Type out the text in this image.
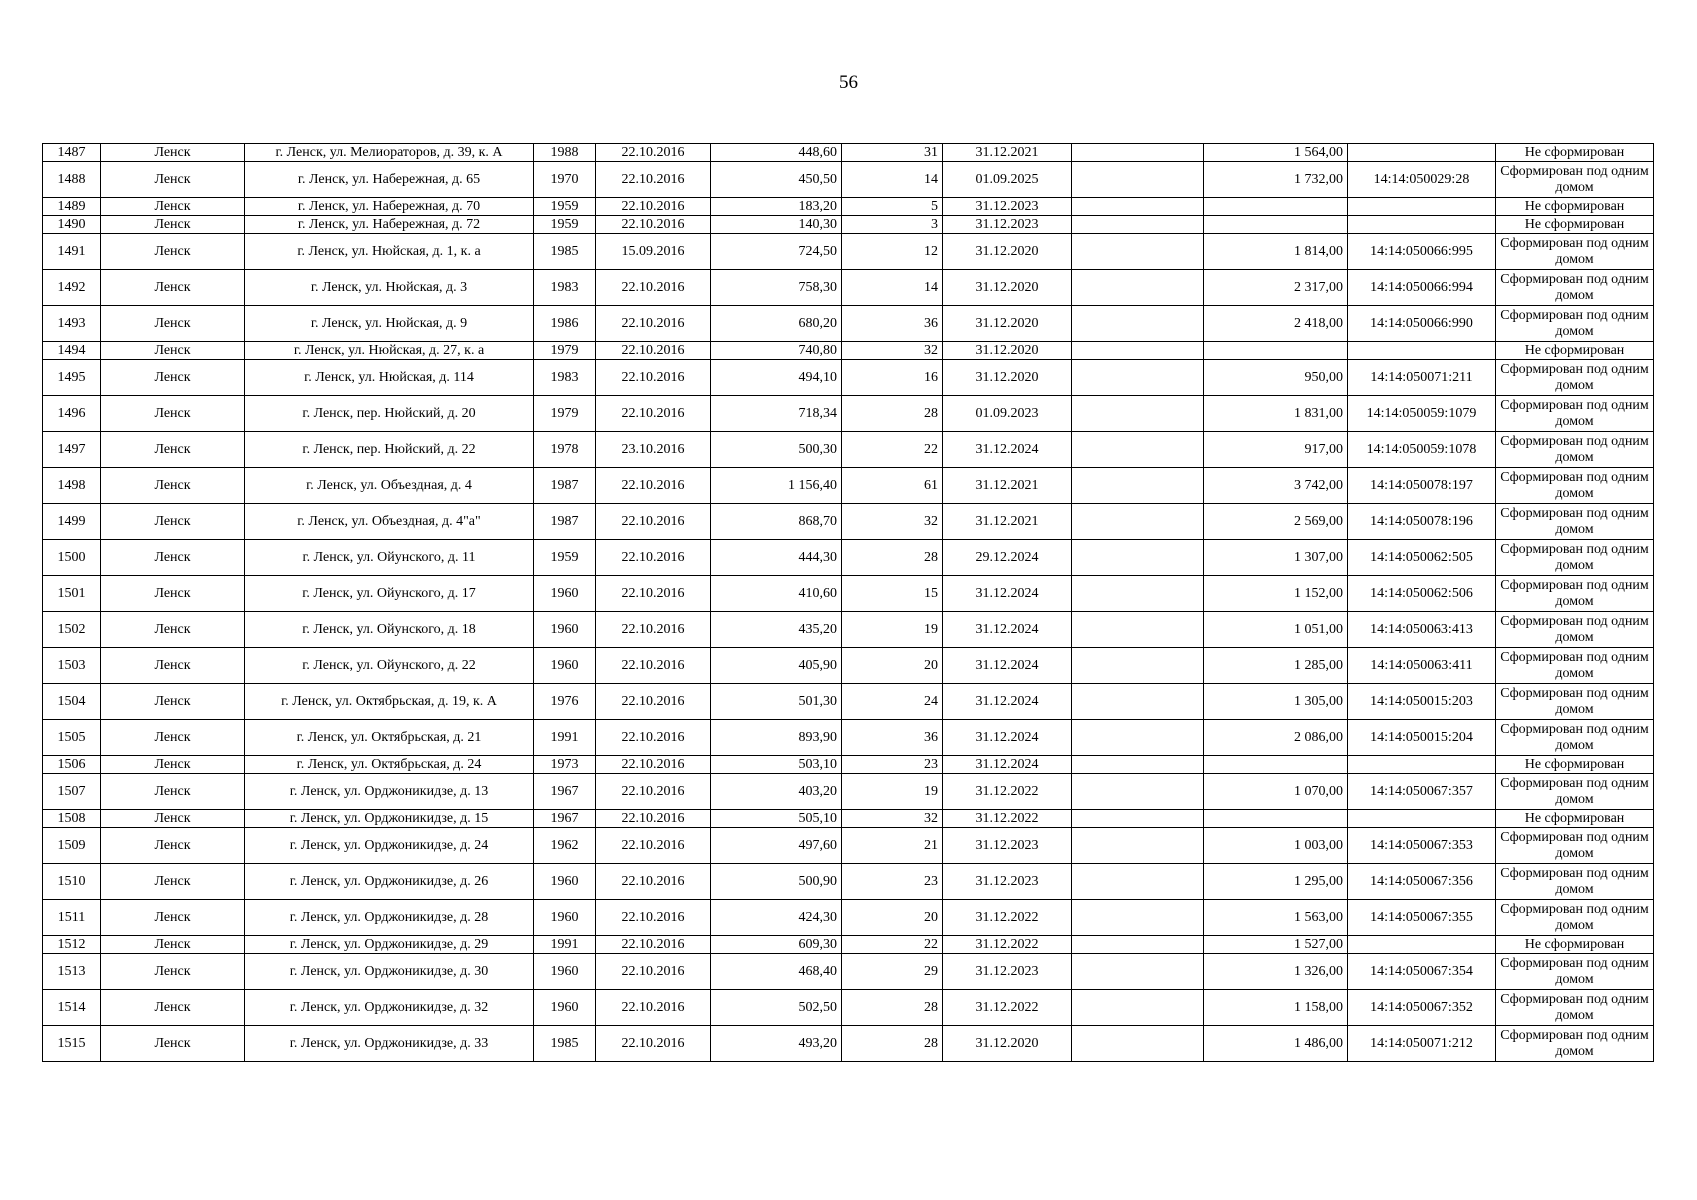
56
1487	Ленск	г. Ленск, ул. Мелиораторов, д. 39, к. А	1988	22.10.2016	448,60	31	31.12.2021		1 564,00		Не сформирован
1488	Ленск	г. Ленск, ул. Набережная, д. 65	1970	22.10.2016	450,50	14	01.09.2025		1 732,00	14:14:050029:28	Сформирован под одним домом
1489	Ленск	г. Ленск, ул. Набережная, д. 70	1959	22.10.2016	183,20	5	31.12.2023				Не сформирован
1490	Ленск	г. Ленск, ул. Набережная, д. 72	1959	22.10.2016	140,30	3	31.12.2023				Не сформирован
1491	Ленск	г. Ленск, ул. Нюйская, д. 1, к. а	1985	15.09.2016	724,50	12	31.12.2020		1 814,00	14:14:050066:995	Сформирован под одним домом
1492	Ленск	г. Ленск, ул. Нюйская, д. 3	1983	22.10.2016	758,30	14	31.12.2020		2 317,00	14:14:050066:994	Сформирован под одним домом
1493	Ленск	г. Ленск, ул. Нюйская, д. 9	1986	22.10.2016	680,20	36	31.12.2020		2 418,00	14:14:050066:990	Сформирован под одним домом
1494	Ленск	г. Ленск, ул. Нюйская, д. 27, к. а	1979	22.10.2016	740,80	32	31.12.2020				Не сформирован
1495	Ленск	г. Ленск, ул. Нюйская, д. 114	1983	22.10.2016	494,10	16	31.12.2020		950,00	14:14:050071:211	Сформирован под одним домом
1496	Ленск	г. Ленск, пер. Нюйский, д. 20	1979	22.10.2016	718,34	28	01.09.2023		1 831,00	14:14:050059:1079	Сформирован под одним домом
1497	Ленск	г. Ленск, пер. Нюйский, д. 22	1978	23.10.2016	500,30	22	31.12.2024		917,00	14:14:050059:1078	Сформирован под одним домом
1498	Ленск	г. Ленск, ул. Объездная, д. 4	1987	22.10.2016	1 156,40	61	31.12.2021		3 742,00	14:14:050078:197	Сформирован под одним домом
1499	Ленск	г. Ленск, ул. Объездная, д. 4"а"	1987	22.10.2016	868,70	32	31.12.2021		2 569,00	14:14:050078:196	Сформирован под одним домом
1500	Ленск	г. Ленск, ул. Ойунского, д. 11	1959	22.10.2016	444,30	28	29.12.2024		1 307,00	14:14:050062:505	Сформирован под одним домом
1501	Ленск	г. Ленск, ул. Ойунского, д. 17	1960	22.10.2016	410,60	15	31.12.2024		1 152,00	14:14:050062:506	Сформирован под одним домом
1502	Ленск	г. Ленск, ул. Ойунского, д. 18	1960	22.10.2016	435,20	19	31.12.2024		1 051,00	14:14:050063:413	Сформирован под одним домом
1503	Ленск	г. Ленск, ул. Ойунского, д. 22	1960	22.10.2016	405,90	20	31.12.2024		1 285,00	14:14:050063:411	Сформирован под одним домом
1504	Ленск	г. Ленск, ул. Октябрьская, д. 19, к. А	1976	22.10.2016	501,30	24	31.12.2024		1 305,00	14:14:050015:203	Сформирован под одним домом
1505	Ленск	г. Ленск, ул. Октябрьская, д. 21	1991	22.10.2016	893,90	36	31.12.2024		2 086,00	14:14:050015:204	Сформирован под одним домом
1506	Ленск	г. Ленск, ул. Октябрьская, д. 24	1973	22.10.2016	503,10	23	31.12.2024				Не сформирован
1507	Ленск	г. Ленск, ул. Орджоникидзе, д. 13	1967	22.10.2016	403,20	19	31.12.2022		1 070,00	14:14:050067:357	Сформирован под одним домом
1508	Ленск	г. Ленск, ул. Орджоникидзе, д. 15	1967	22.10.2016	505,10	32	31.12.2022				Не сформирован
1509	Ленск	г. Ленск, ул. Орджоникидзе, д. 24	1962	22.10.2016	497,60	21	31.12.2023		1 003,00	14:14:050067:353	Сформирован под одним домом
1510	Ленск	г. Ленск, ул. Орджоникидзе, д. 26	1960	22.10.2016	500,90	23	31.12.2023		1 295,00	14:14:050067:356	Сформирован под одним домом
1511	Ленск	г. Ленск, ул. Орджоникидзе, д. 28	1960	22.10.2016	424,30	20	31.12.2022		1 563,00	14:14:050067:355	Сформирован под одним домом
1512	Ленск	г. Ленск, ул. Орджоникидзе, д. 29	1991	22.10.2016	609,30	22	31.12.2022		1 527,00		Не сформирован
1513	Ленск	г. Ленск, ул. Орджоникидзе, д. 30	1960	22.10.2016	468,40	29	31.12.2023		1 326,00	14:14:050067:354	Сформирован под одним домом
1514	Ленск	г. Ленск, ул. Орджоникидзе, д. 32	1960	22.10.2016	502,50	28	31.12.2022		1 158,00	14:14:050067:352	Сформирован под одним домом
1515	Ленск	г. Ленск, ул. Орджоникидзе, д. 33	1985	22.10.2016	493,20	28	31.12.2020		1 486,00	14:14:050071:212	Сформирован под одним домом
